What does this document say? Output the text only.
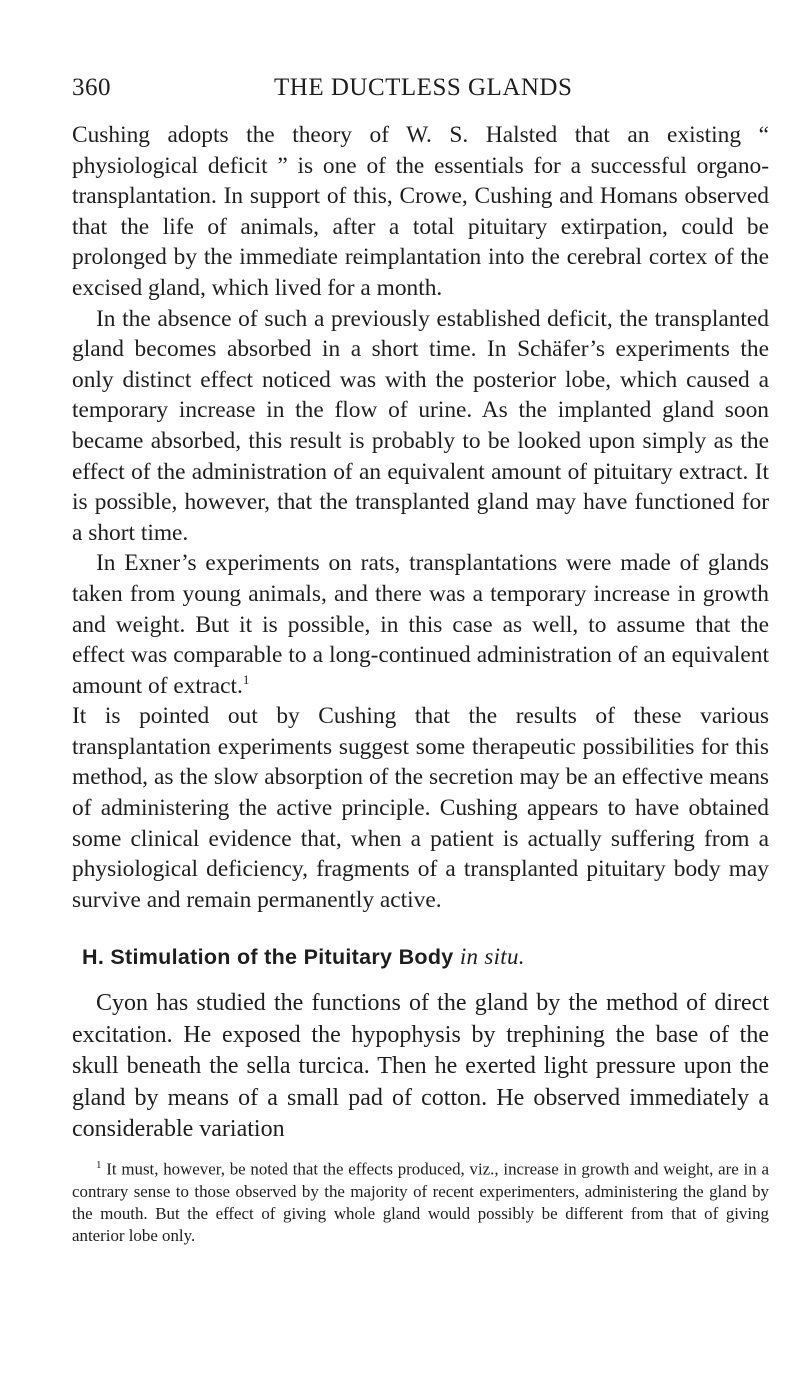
360	THE DUCTLESS GLANDS

Cushing adopts the theory of W. S. Halsted that an existing “ physiological deficit ” is one of the essentials for a successful organo-transplantation. In support of this, Crowe, Cushing and Homans observed that the life of animals, after a total pituitary extirpation, could be prolonged by the immediate reimplantation into the cerebral cortex of the excised gland, which lived for a month.

In the absence of such a previously established deficit, the transplanted gland becomes absorbed in a short time. In Schäfer’s experiments the only distinct effect noticed was with the posterior lobe, which caused a temporary increase in the flow of urine. As the implanted gland soon became absorbed, this result is probably to be looked upon simply as the effect of the administration of an equivalent amount of pituitary extract. It is possible, however, that the transplanted gland may have functioned for a short time.

In Exner’s experiments on rats, transplantations were made of glands taken from young animals, and there was a temporary increase in growth and weight. But it is possible, in this case as well, to assume that the effect was comparable to a long-continued administration of an equivalent amount of extract.$^1$

It is pointed out by Cushing that the results of these various transplantation experiments suggest some therapeutic possibilities for this method, as the slow absorption of the secretion may be an effective means of administering the active principle. Cushing appears to have obtained some clinical evidence that, when a patient is actually suffering from a physiological deficiency, fragments of a transplanted pituitary body may survive and remain permanently active.

H. Stimulation of the Pituitary Body in situ.

Cyon has studied the functions of the gland by the method of direct excitation. He exposed the hypophysis by trephining the base of the skull beneath the sella turcica. Then he exerted light pressure upon the gland by means of a small pad of cotton. He observed immediately a considerable variation

$^1$ It must, however, be noted that the effects produced, viz., increase in growth and weight, are in a contrary sense to those observed by the majority of recent experimenters, administering the gland by the mouth. But the effect of giving whole gland would possibly be different from that of giving anterior lobe only.
